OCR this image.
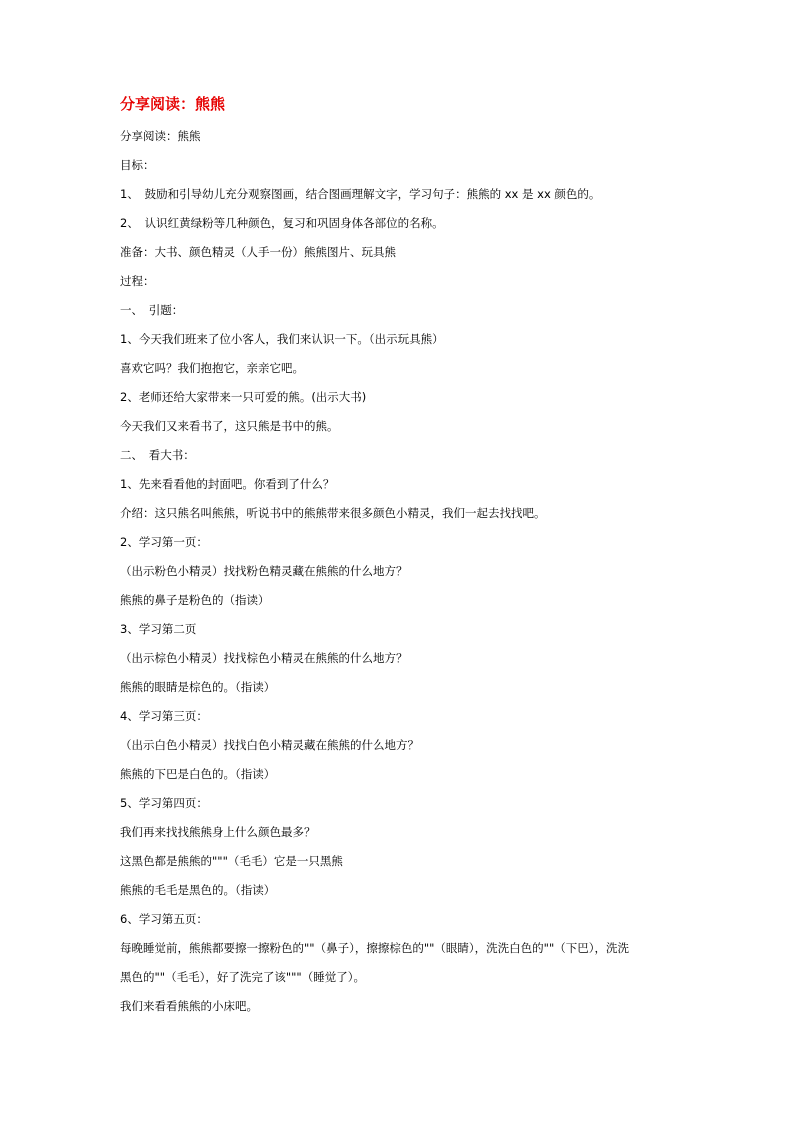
分享阅读：熊熊
分享阅读：熊熊
目标：
1、　鼓励和引导幼儿充分观察图画，结合图画理解文字，学习句子：熊熊的 xx 是 xx 颜色的。
2、　认识红黄绿粉等几种颜色，复习和巩固身体各部位的名称。
准备：大书、颜色精灵（人手一份）熊熊图片、玩具熊
过程：
一、　引题：
1、今天我们班来了位小客人，我们来认识一下。（出示玩具熊）
喜欢它吗？我们抱抱它，亲亲它吧。
2、老师还给大家带来一只可爱的熊。(出示大书)
今天我们又来看书了，这只熊是书中的熊。
二、　看大书：
1、先来看看他的封面吧。你看到了什么？
介绍：这只熊名叫熊熊，听说书中的熊熊带来很多颜色小精灵，我们一起去找找吧。
2、学习第一页：
（出示粉色小精灵）找找粉色精灵藏在熊熊的什么地方？
熊熊的鼻子是粉色的（指读）
3、学习第二页
（出示棕色小精灵）找找棕色小精灵在熊熊的什么地方？
熊熊的眼睛是棕色的。（指读）
4、学习第三页：
（出示白色小精灵）找找白色小精灵藏在熊熊的什么地方？
熊熊的下巴是白色的。（指读）
5、学习第四页：
我们再来找找熊熊身上什么颜色最多？
这黑色都是熊熊的"""（毛毛）它是一只黑熊
熊熊的毛毛是黑色的。（指读）
6、学习第五页：
每晚睡觉前，熊熊都要擦一擦粉色的""（鼻子），擦擦棕色的""（眼睛），洗洗白色的""（下巴），洗洗
黑色的""（毛毛），好了洗完了该"""（睡觉了）。
我们来看看熊熊的小床吧。
